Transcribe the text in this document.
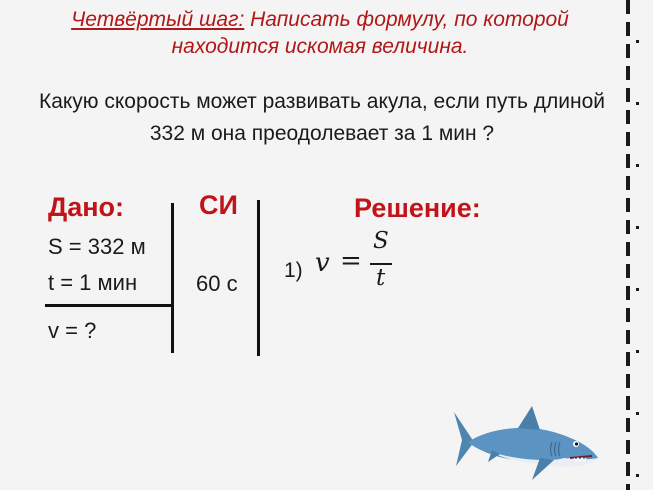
Четвёртый шаг: Написать формулу, по которой находится искомая величина.
Какую скорость может развивать акула, если путь длиной 332 м она преодолевает за 1 мин ?
Дано:	СИ	Решение:
S = 332 м
t = 1 мин
v = ?
60 с
1) v =
S
t
